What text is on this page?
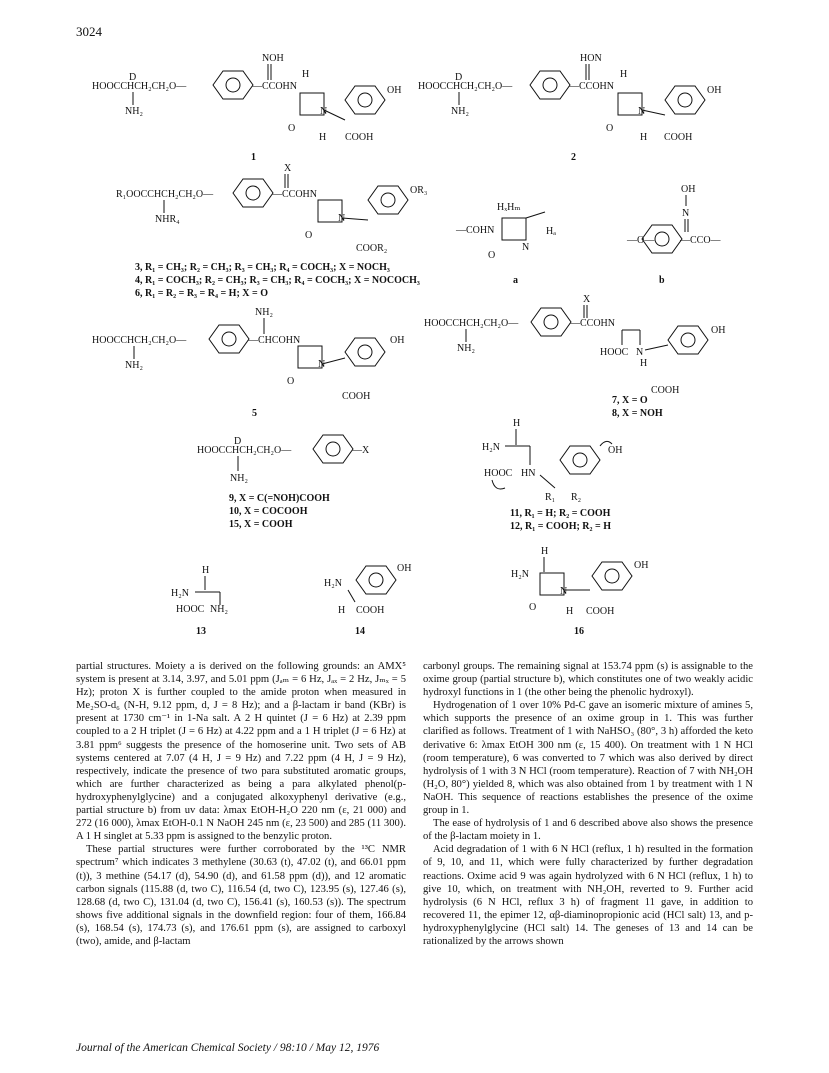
3024
D
HOOCCHCH₂CH₂O—
NH₂
—CCOHN
NOH
H
N
O
OH
H COOH
1
D
HOOCCHCH₂CH₂O—
NH₂
—CCOHN
HON
H
N
O
OH
H COOH
2
R₁OOCCHCH₂CH₂O—
NHR₄
—CCOHN
X
N
O
OR₃
COOR₂
3, R₁ = CH₃; R₂ = CH₃; R₃ = CH₃; R₄ = COCH₃; X = NOCH₃
4, R₁ = COCH₃; R₂ = CH₃; R₃ = CH₃; R₄ = COCH₃; X = NOCOCH₃
6, R₁ = R₂ = R₃ = R₄ = H; X = O
HₓHₘ
—COHN	Hₐ
N
O
a
OH
N
—O—	—CCO—
b
HOOCCHCH₂CH₂O—
NH₂
—CHCOHN
NH₂
N
O
OH
COOH
5
HOOCCHCH₂CH₂O—
NH₂
—CCOHN
X
HOOC N
H
OH
COOH
7, X = O
8, X = NOH
D
HOOCCHCH₂CH₂O—
NH₂
—X
9, X = C(=NOH)COOH
10, X = COCOOH
15, X = COOH
H
H₂N
HOOC HN
R₁ R₂
OH
11, R₁ = H; R₂ = COOH
12, R₁ = COOH; R₂ = H
H
H₂N
HOOC NH₂
13
H₂N
OH
H COOH
14
H
H₂N
N
O
OH
H COOH
16

partial structures. Moiety a is derived on the following grounds: an AMX⁵ system is present at 3.14, 3.97, and 5.01 ppm (Jₐₘ = 6 Hz, Jₐₓ = 2 Hz, Jₘₓ = 5 Hz); proton X is further coupled to the amide proton when measured in Me₂SO-d₆ (N-H, 9.12 ppm, d, J = 8 Hz); and a β-lactam ir band (KBr) is present at 1730 cm⁻¹ in 1-Na salt. A 2 H quintet (J = 6 Hz) at 2.39 ppm coupled to a 2 H triplet (J = 6 Hz) at 4.22 ppm and a 1 H triplet (J = 6 Hz) at 3.81 ppm⁶ suggests the presence of the homoserine unit. Two sets of AB systems centered at 7.07 (4 H, J = 9 Hz) and 7.22 ppm (4 H, J = 9 Hz), respectively, indicate the presence of two para substituted aromatic groups, which are further characterized as being a para alkylated phenol(p-hydroxyphenylglycine) and a conjugated alkoxyphenyl derivative (e.g., partial structure b) from uv data: λmax EtOH-H₂O 220 nm (ε, 21 000) and 272 (16 000), λmax EtOH-0.1 N NaOH 245 nm (ε, 23 500) and 285 (11 300). A 1 H singlet at 5.33 ppm is assigned to the benzylic proton.

These partial structures were further corroborated by the ¹³C NMR spectrum⁷ which indicates 3 methylene (30.63 (t), 47.02 (t), and 66.01 ppm (t)), 3 methine (54.17 (d), 54.90 (d), and 61.58 ppm (d)), and 12 aromatic carbon signals (115.88 (d, two C), 116.54 (d, two C), 123.95 (s), 127.46 (s), 128.68 (d, two C), 131.04 (d, two C), 156.41 (s), 160.53 (s)). The spectrum shows five additional signals in the downfield region: four of them, 166.84 (s), 168.54 (s), 174.73 (s), and 176.61 ppm (s), are assigned to carboxyl (two), amide, and β-lactam

carbonyl groups. The remaining signal at 153.74 ppm (s) is assignable to the oxime group (partial structure b), which constitutes one of two weakly acidic hydroxyl functions in 1 (the other being the phenolic hydroxyl).

Hydrogenation of 1 over 10% Pd-C gave an isomeric mixture of amines 5, which supports the presence of an oxime group in 1. This was further clarified as follows. Treatment of 1 with NaHSO₃ (80°, 3 h) afforded the keto derivative 6: λmax EtOH 300 nm (ε, 15 400). On treatment with 1 N HCl (room temperature), 6 was converted to 7 which was also derived by direct hydrolysis of 1 with 3 N HCl (room temperature). Reaction of 7 with NH₂OH (H₂O, 80°) yielded 8, which was also obtained from 1 by treatment with 1 N NaOH. This sequence of reactions establishes the presence of the oxime group in 1.

The ease of hydrolysis of 1 and 6 described above also shows the presence of the β-lactam moiety in 1.

Acid degradation of 1 with 6 N HCl (reflux, 1 h) resulted in the formation of 9, 10, and 11, which were fully characterized by further degradation reactions. Oxime acid 9 was again hydrolyzed with 6 N HCl (reflux, 1 h) to give 10, which, on treatment with NH₂OH, reverted to 9. Further acid hydrolysis (6 N HCl, reflux 3 h) of fragment 11 gave, in addition to recovered 11, the epimer 12, αβ-diaminopropionic acid (HCl salt) 13, and p-hydroxyphenylglycine (HCl salt) 14. The geneses of 13 and 14 can be rationalized by the arrows shown

Journal of the American Chemical Society / 98:10 / May 12, 1976
